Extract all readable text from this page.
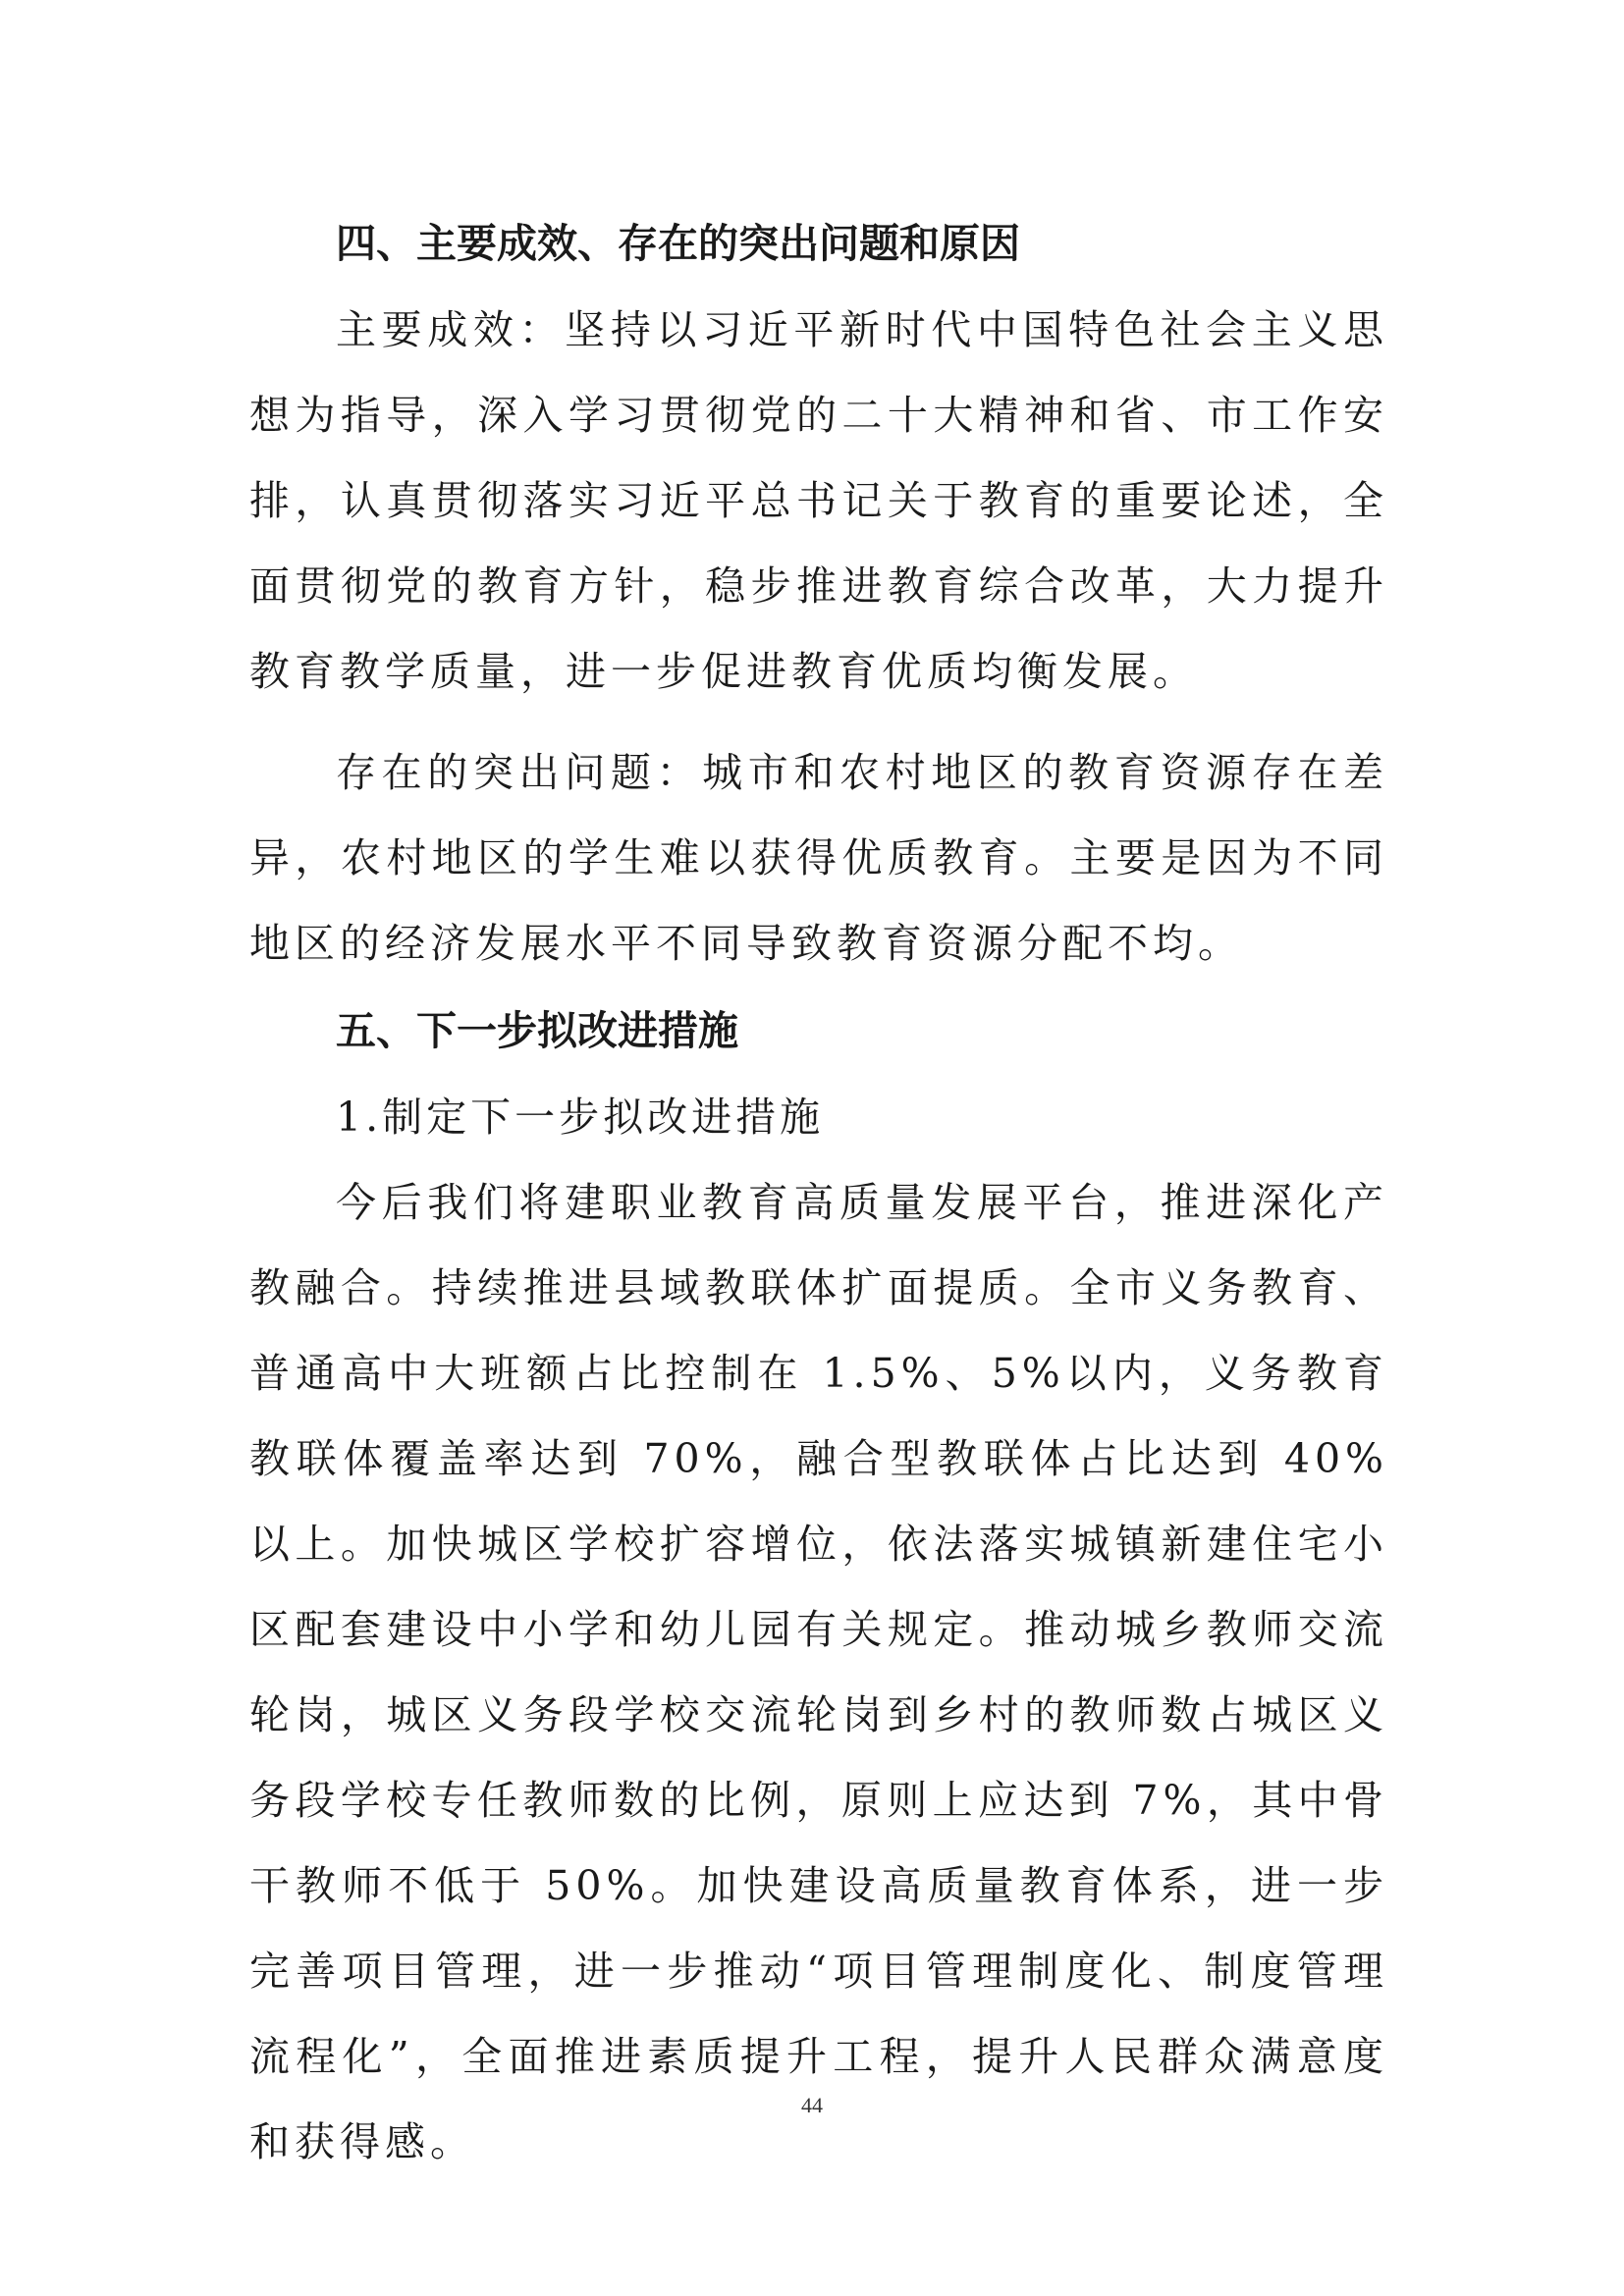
四、主要成效、存在的突出问题和原因

主要成效：坚持以习近平新时代中国特色社会主义思想为指导，深入学习贯彻党的二十大精神和省、市工作安排，认真贯彻落实习近平总书记关于教育的重要论述，全面贯彻党的教育方针，稳步推进教育综合改革，大力提升教育教学质量，进一步促进教育优质均衡发展。

存在的突出问题：城市和农村地区的教育资源存在差异，农村地区的学生难以获得优质教育。主要是因为不同地区的经济发展水平不同导致教育资源分配不均。

五、下一步拟改进措施

1.制定下一步拟改进措施

今后我们将建职业教育高质量发展平台，推进深化产教融合。持续推进县域教联体扩面提质。全市义务教育、普通高中大班额占比控制在 1.5%、5%以内，义务教育教联体覆盖率达到 70%，融合型教联体占比达到 40%以上。加快城区学校扩容增位，依法落实城镇新建住宅小区配套建设中小学和幼儿园有关规定。推动城乡教师交流轮岗，城区义务段学校交流轮岗到乡村的教师数占城区义务段学校专任教师数的比例，原则上应达到 7%，其中骨干教师不低于 50%。加快建设高质量教育体系，进一步完善项目管理，进一步推动“项目管理制度化、制度管理流程化”，全面推进素质提升工程，提升人民群众满意度和获得感。

44
